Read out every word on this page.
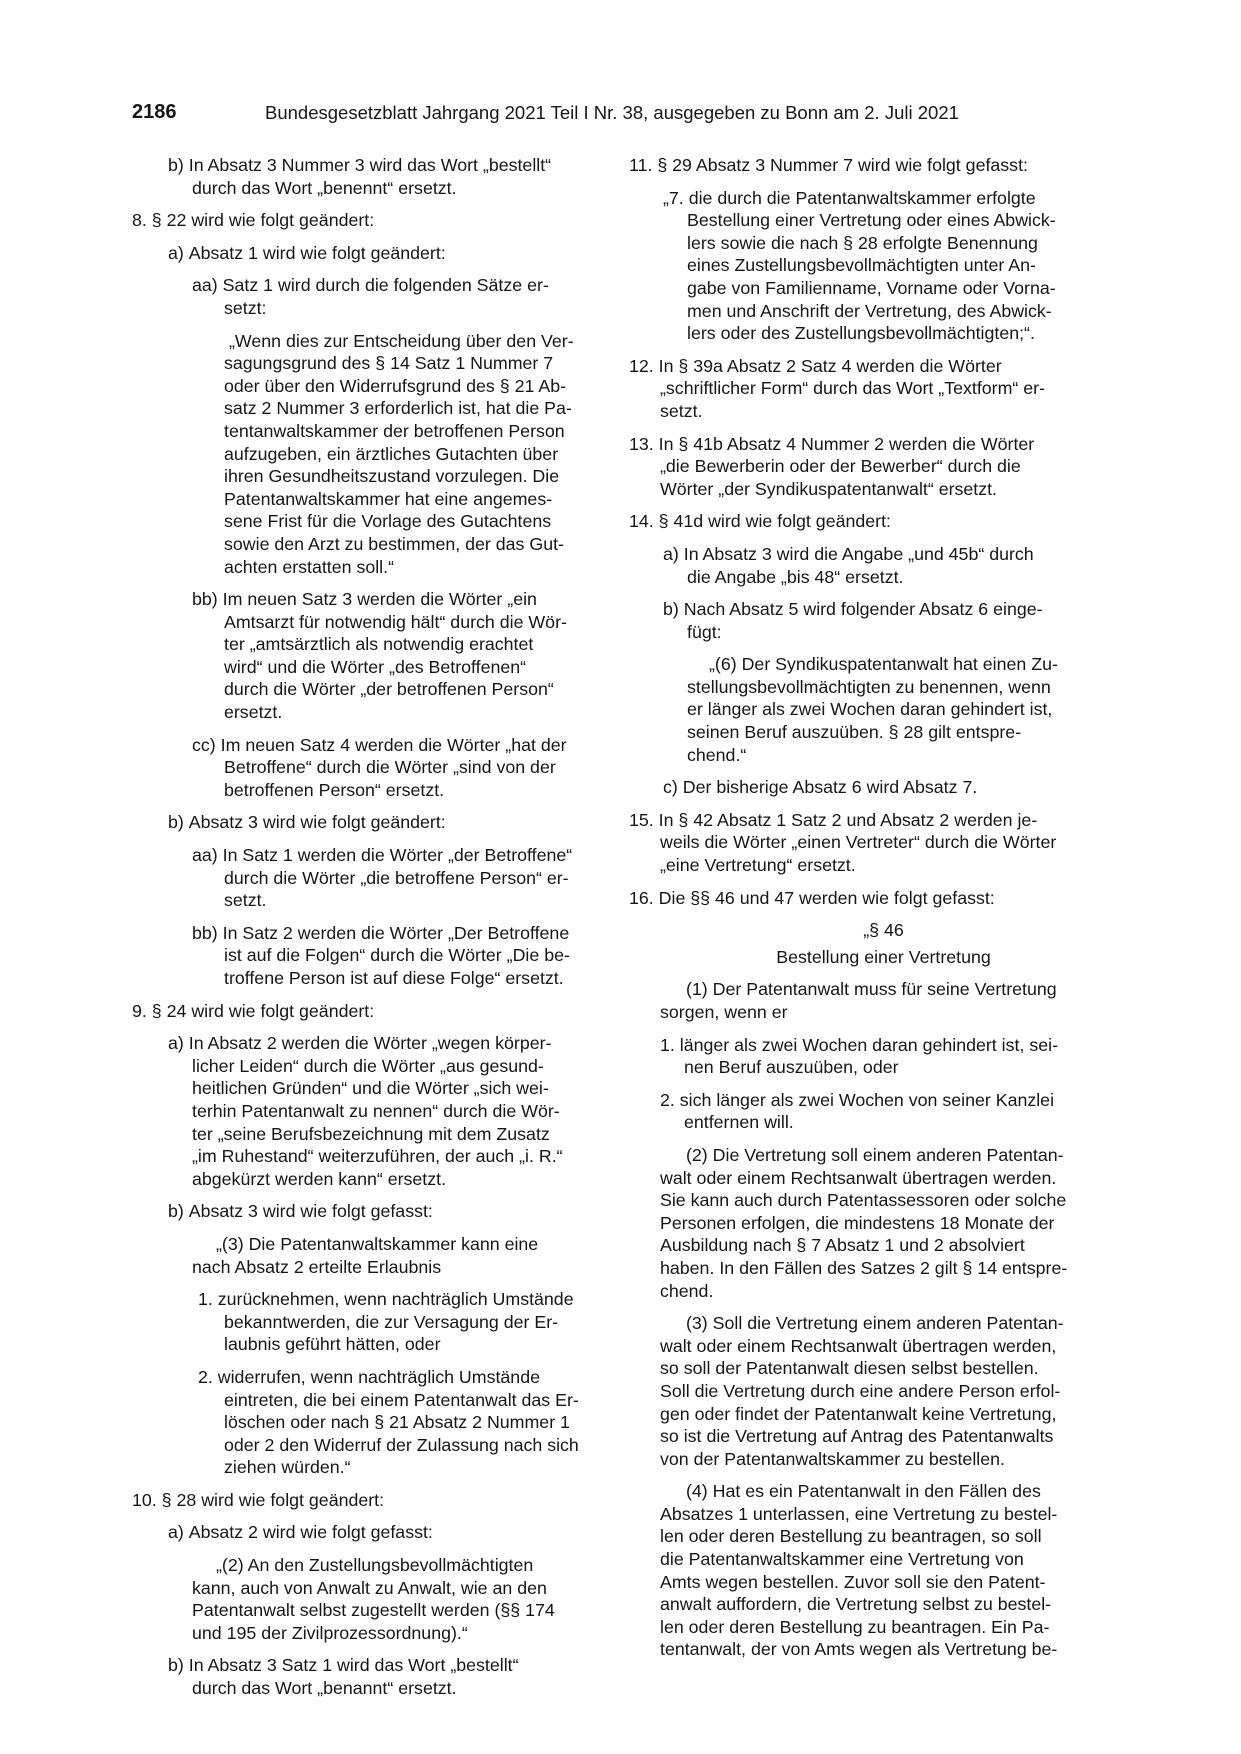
2186	Bundesgesetzblatt Jahrgang 2021 Teil I Nr. 38, ausgegeben zu Bonn am 2. Juli 2021

b) In Absatz 3 Nummer 3 wird das Wort „bestellt“
durch das Wort „benennt“ ersetzt.

8. § 22 wird wie folgt geändert:

a) Absatz 1 wird wie folgt geändert:

aa) Satz 1 wird durch die folgenden Sätze er-
setzt:

„Wenn dies zur Entscheidung über den Ver-
sagungsgrund des § 14 Satz 1 Nummer 7
oder über den Widerrufsgrund des § 21 Ab-
satz 2 Nummer 3 erforderlich ist, hat die Pa-
tentanwaltskammer der betroffenen Person
aufzugeben, ein ärztliches Gutachten über
ihren Gesundheitszustand vorzulegen. Die
Patentanwaltskammer hat eine angemes-
sene Frist für die Vorlage des Gutachtens
sowie den Arzt zu bestimmen, der das Gut-
achten erstatten soll.“

bb) Im neuen Satz 3 werden die Wörter „ein
Amtsarzt für notwendig hält“ durch die Wör-
ter „amtsärztlich als notwendig erachtet
wird“ und die Wörter „des Betroffenen“
durch die Wörter „der betroffenen Person“
ersetzt.

cc) Im neuen Satz 4 werden die Wörter „hat der
Betroffene“ durch die Wörter „sind von der
betroffenen Person“ ersetzt.

b) Absatz 3 wird wie folgt geändert:

aa) In Satz 1 werden die Wörter „der Betroffene“
durch die Wörter „die betroffene Person“ er-
setzt.

bb) In Satz 2 werden die Wörter „Der Betroffene
ist auf die Folgen“ durch die Wörter „Die be-
troffene Person ist auf diese Folge“ ersetzt.

9. § 24 wird wie folgt geändert:

a) In Absatz 2 werden die Wörter „wegen körper-
licher Leiden“ durch die Wörter „aus gesund-
heitlichen Gründen“ und die Wörter „sich wei-
terhin Patentanwalt zu nennen“ durch die Wör-
ter „seine Berufsbezeichnung mit dem Zusatz
„im Ruhestand“ weiterzuführen, der auch „i. R.“
abgekürzt werden kann“ ersetzt.

b) Absatz 3 wird wie folgt gefasst:

„(3) Die Patentanwaltskammer kann eine
nach Absatz 2 erteilte Erlaubnis

1. zurücknehmen, wenn nachträglich Umstände
bekanntwerden, die zur Versagung der Er-
laubnis geführt hätten, oder

2. widerrufen, wenn nachträglich Umstände
eintreten, die bei einem Patentanwalt das Er-
löschen oder nach § 21 Absatz 2 Nummer 1
oder 2 den Widerruf der Zulassung nach sich
ziehen würden.“

10. § 28 wird wie folgt geändert:

a) Absatz 2 wird wie folgt gefasst:

„(2) An den Zustellungsbevollmächtigten
kann, auch von Anwalt zu Anwalt, wie an den
Patentanwalt selbst zugestellt werden (§§ 174
und 195 der Zivilprozessordnung).“

b) In Absatz 3 Satz 1 wird das Wort „bestellt“
durch das Wort „benannt“ ersetzt.

11. § 29 Absatz 3 Nummer 7 wird wie folgt gefasst:

„7. die durch die Patentanwaltskammer erfolgte
Bestellung einer Vertretung oder eines Abwick-
lers sowie die nach § 28 erfolgte Benennung
eines Zustellungsbevollmächtigten unter An-
gabe von Familienname, Vorname oder Vorna-
men und Anschrift der Vertretung, des Abwick-
lers oder des Zustellungsbevollmächtigten;“.

12. In § 39a Absatz 2 Satz 4 werden die Wörter
„schriftlicher Form“ durch das Wort „Textform“ er-
setzt.

13. In § 41b Absatz 4 Nummer 2 werden die Wörter
„die Bewerberin oder der Bewerber“ durch die
Wörter „der Syndikuspatentanwalt“ ersetzt.

14. § 41d wird wie folgt geändert:

a) In Absatz 3 wird die Angabe „und 45b“ durch
die Angabe „bis 48“ ersetzt.

b) Nach Absatz 5 wird folgender Absatz 6 einge-
fügt:

„(6) Der Syndikuspatentanwalt hat einen Zu-
stellungsbevollmächtigten zu benennen, wenn
er länger als zwei Wochen daran gehindert ist,
seinen Beruf auszuüben. § 28 gilt entspre-
chend.“

c) Der bisherige Absatz 6 wird Absatz 7.

15. In § 42 Absatz 1 Satz 2 und Absatz 2 werden je-
weils die Wörter „einen Vertreter“ durch die Wörter
„eine Vertretung“ ersetzt.

16. Die §§ 46 und 47 werden wie folgt gefasst:

„§ 46

Bestellung einer Vertretung

(1) Der Patentanwalt muss für seine Vertretung
sorgen, wenn er

1. länger als zwei Wochen daran gehindert ist, sei-
nen Beruf auszuüben, oder

2. sich länger als zwei Wochen von seiner Kanzlei
entfernen will.

(2) Die Vertretung soll einem anderen Patentan-
walt oder einem Rechtsanwalt übertragen werden.
Sie kann auch durch Patentassessoren oder solche
Personen erfolgen, die mindestens 18 Monate der
Ausbildung nach § 7 Absatz 1 und 2 absolviert
haben. In den Fällen des Satzes 2 gilt § 14 entspre-
chend.

(3) Soll die Vertretung einem anderen Patentan-
walt oder einem Rechtsanwalt übertragen werden,
so soll der Patentanwalt diesen selbst bestellen.
Soll die Vertretung durch eine andere Person erfol-
gen oder findet der Patentanwalt keine Vertretung,
so ist die Vertretung auf Antrag des Patentanwalts
von der Patentanwaltskammer zu bestellen.

(4) Hat es ein Patentanwalt in den Fällen des
Absatzes 1 unterlassen, eine Vertretung zu bestel-
len oder deren Bestellung zu beantragen, so soll
die Patentanwaltskammer eine Vertretung von
Amts wegen bestellen. Zuvor soll sie den Patent-
anwalt auffordern, die Vertretung selbst zu bestel-
len oder deren Bestellung zu beantragen. Ein Pa-
tentanwalt, der von Amts wegen als Vertretung be-
